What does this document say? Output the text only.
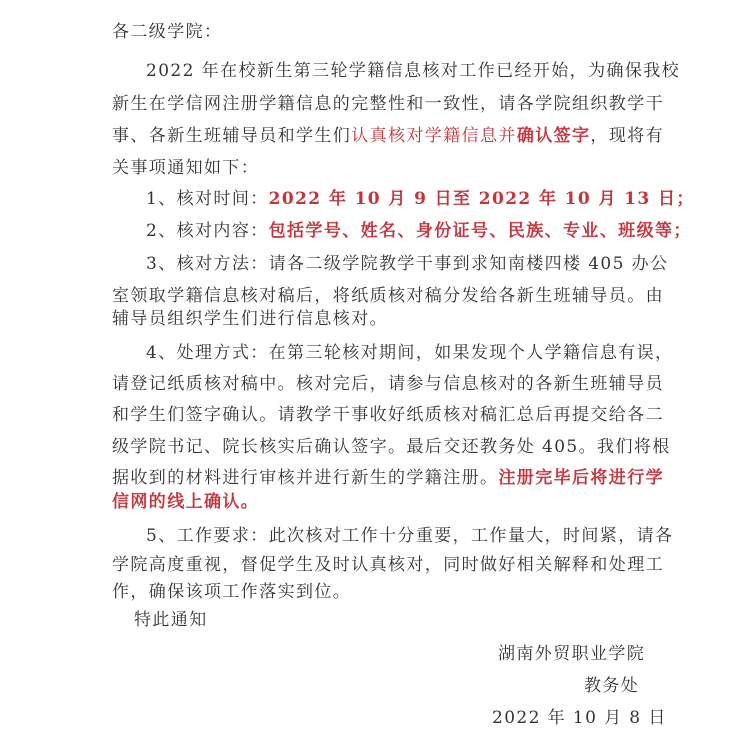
各二级学院：
2022 年在校新生第三轮学籍信息核对工作已经开始，为确保我校
新生在学信网注册学籍信息的完整性和一致性，请各学院组织教学干
事、各新生班辅导员和学生们认真核对学籍信息并确认签字，现将有
关事项通知如下：
1、核对时间：2022 年 10 月 9 日至 2022 年 10 月 13 日；
2、核对内容：包括学号、姓名、身份证号、民族、专业、班级等；
3、核对方法：请各二级学院教学干事到求知南楼四楼 405 办公
室领取学籍信息核对稿后，将纸质核对稿分发给各新生班辅导员。由
辅导员组织学生们进行信息核对。
4、处理方式：在第三轮核对期间，如果发现个人学籍信息有误，
请登记纸质核对稿中。核对完后，请参与信息核对的各新生班辅导员
和学生们签字确认。请教学干事收好纸质核对稿汇总后再提交给各二
级学院书记、院长核实后确认签字。最后交还教务处 405。我们将根
据收到的材料进行审核并进行新生的学籍注册。注册完毕后将进行学
信网的线上确认。
5、工作要求：此次核对工作十分重要，工作量大，时间紧，请各
学院高度重视，督促学生及时认真核对，同时做好相关解释和处理工
作，确保该项工作落实到位。
特此通知
湖南外贸职业学院
教务处
2022 年 10 月 8 日
